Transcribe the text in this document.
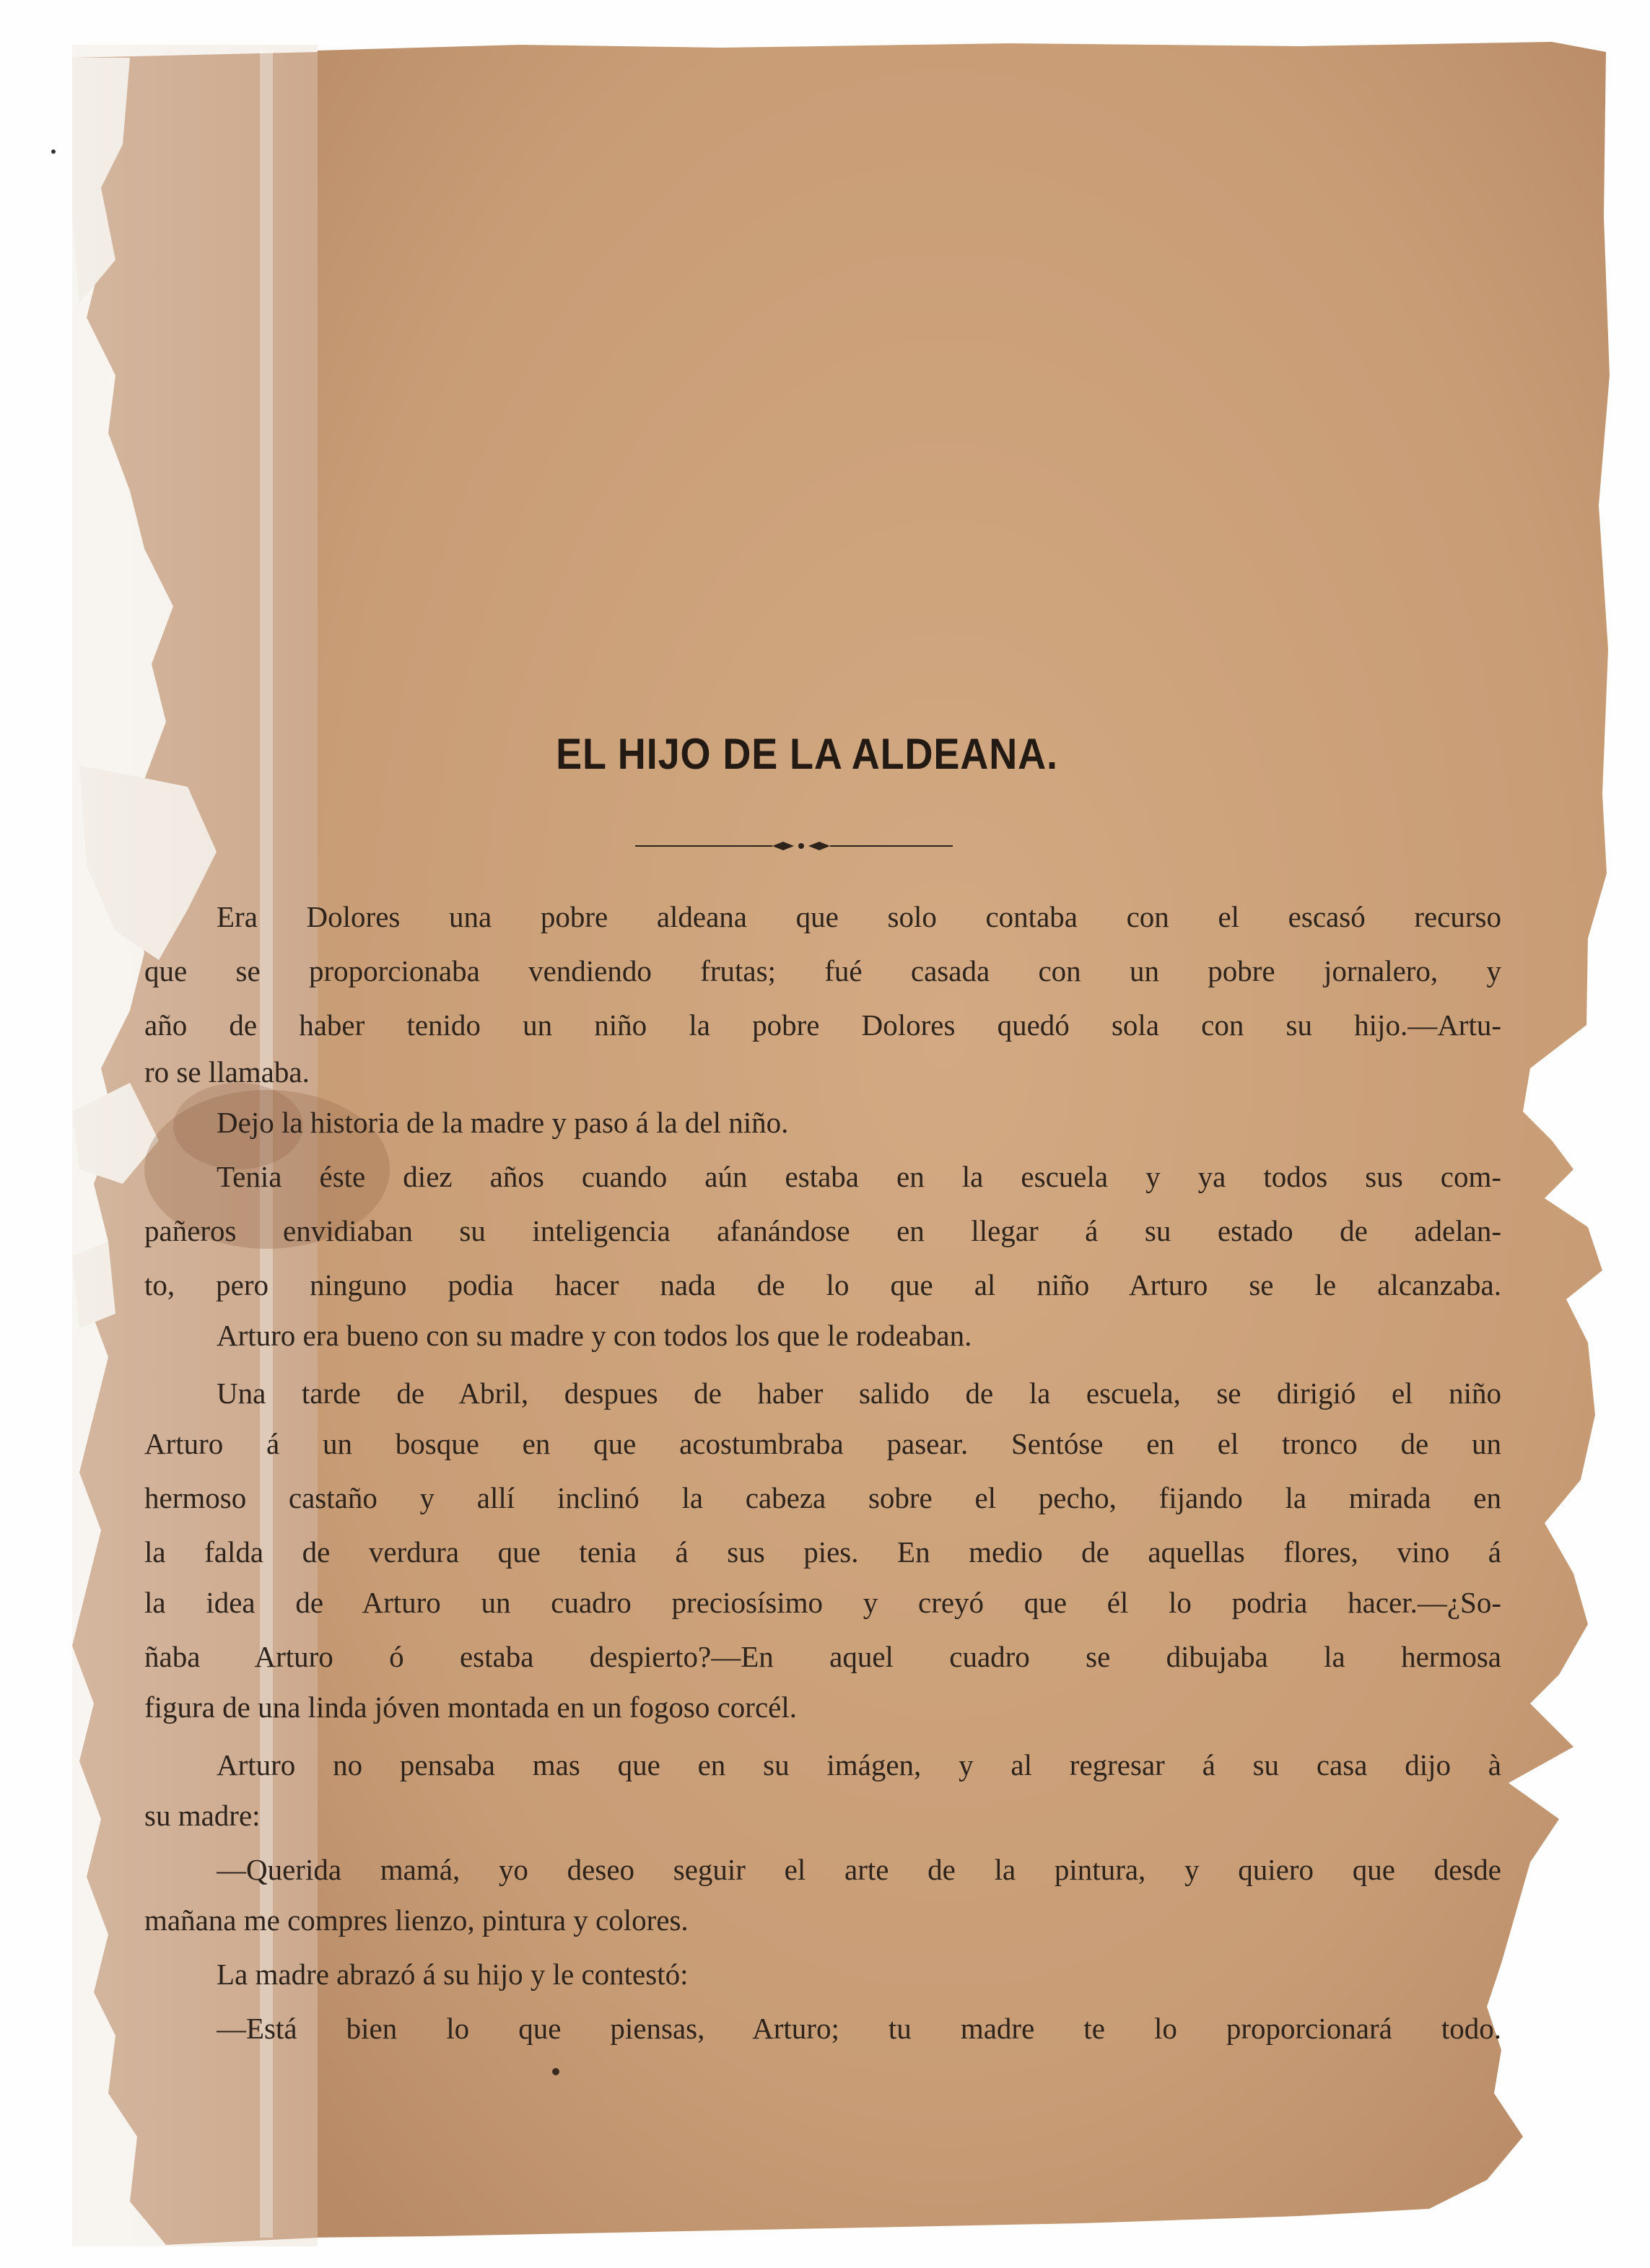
EL HIJO DE LA ALDEANA.
Era Dolores una pobre aldeana que solo contaba con el escasó recurso
que se proporcionaba vendiendo frutas; fué casada con un pobre jornalero, y
año de haber tenido un niño la pobre Dolores quedó sola con su hijo.—Artu-
ro se llamaba.
Dejo la historia de la madre y paso á la del niño.
Tenia éste diez años cuando aún estaba en la escuela y ya todos sus com-
pañeros envidiaban su inteligencia afanándose en llegar á su estado de adelan-
to, pero ninguno podia hacer nada de lo que al niño Arturo se le alcanzaba.
Arturo era bueno con su madre y con todos los que le rodeaban.
Una tarde de Abril, despues de haber salido de la escuela, se dirigió el niño
Arturo á un bosque en que acostumbraba pasear. Sentóse en el tronco de un
hermoso castaño y allí inclinó la cabeza sobre el pecho, fijando la mirada en
la falda de verdura que tenia á sus pies. En medio de aquellas flores, vino á
la idea de Arturo un cuadro preciosísimo y creyó que él lo podria hacer.—¿So-
ñaba Arturo ó estaba despierto?—En aquel cuadro se dibujaba la hermosa
figura de una linda jóven montada en un fogoso corcél.
Arturo no pensaba mas que en su imágen, y al regresar á su casa dijo à
su madre:
—Querida mamá, yo deseo seguir el arte de la pintura, y quiero que desde
mañana me compres lienzo, pintura y colores.
La madre abrazó á su hijo y le contestó:
—Está bien lo que piensas, Arturo; tu madre te lo proporcionará todo.
